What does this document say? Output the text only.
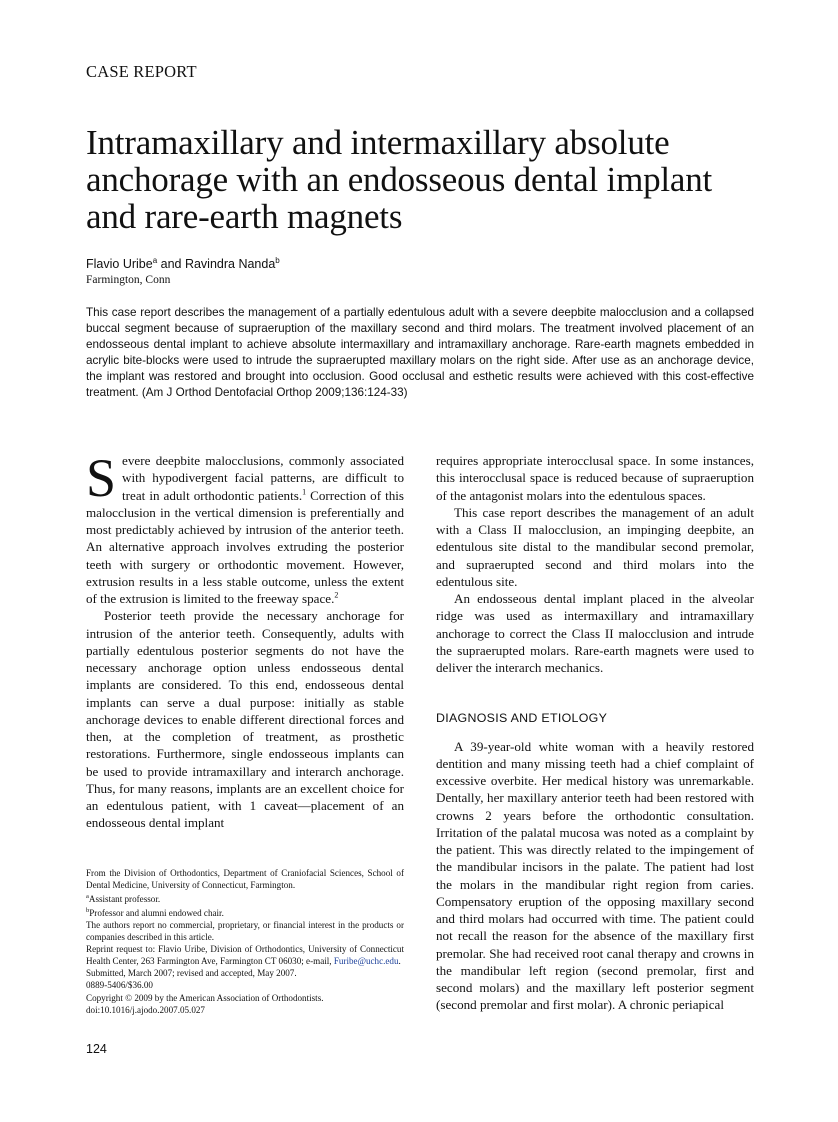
CASE REPORT
Intramaxillary and intermaxillary absolute anchorage with an endosseous dental implant and rare-earth magnets
Flavio Uribe$^a$ and Ravindra Nanda$^b$
Farmington, Conn

This case report describes the management of a partially edentulous adult with a severe deepbite malocclusion and a collapsed buccal segment because of supraeruption of the maxillary second and third molars. The treatment involved placement of an endosseous dental implant to achieve absolute intermaxillary and intramaxillary anchorage. Rare-earth magnets embedded in acrylic bite-blocks were used to intrude the supraerupted maxillary molars on the right side. After use as an anchorage device, the implant was restored and brought into occlusion. Good occlusal and esthetic results were achieved with this cost-effective treatment. (Am J Orthod Dentofacial Orthop 2009;136:124-33)

Severe deepbite malocclusions, commonly associated with hypodivergent facial patterns, are difficult to treat in adult orthodontic patients.$^1$ Correction of this malocclusion in the vertical dimension is preferentially and most predictably achieved by intrusion of the anterior teeth. An alternative approach involves extruding the posterior teeth with surgery or orthodontic movement. However, extrusion results in a less stable outcome, unless the extent of the extrusion is limited to the freeway space.$^2$

Posterior teeth provide the necessary anchorage for intrusion of the anterior teeth. Consequently, adults with partially edentulous posterior segments do not have the necessary anchorage option unless endosseous dental implants are considered. To this end, endosseous dental implants can serve a dual purpose: initially as stable anchorage devices to enable different directional forces and then, at the completion of treatment, as prosthetic restorations. Furthermore, single endosseous implants can be used to provide intramaxillary and interarch anchorage. Thus, for many reasons, implants are an excellent choice for an edentulous patient, with 1 caveat—placement of an endosseous dental implant

requires appropriate interocclusal space. In some instances, this interocclusal space is reduced because of supraeruption of the antagonist molars into the edentulous spaces.

This case report describes the management of an adult with a Class II malocclusion, an impinging deepbite, an edentulous site distal to the mandibular second premolar, and supraerupted second and third molars into the edentulous site.

An endosseous dental implant placed in the alveolar ridge was used as intermaxillary and intramaxillary anchorage to correct the Class II malocclusion and intrude the supraerupted molars. Rare-earth magnets were used to deliver the interarch mechanics.

DIAGNOSIS AND ETIOLOGY

A 39-year-old white woman with a heavily restored dentition and many missing teeth had a chief complaint of excessive overbite. Her medical history was unremarkable. Dentally, her maxillary anterior teeth had been restored with crowns 2 years before the orthodontic consultation. Irritation of the palatal mucosa was noted as a complaint by the patient. This was directly related to the impingement of the mandibular incisors in the palate. The patient had lost the molars in the mandibular right region from caries. Compensatory eruption of the opposing maxillary second and third molars had occurred with time. The patient could not recall the reason for the absence of the maxillary first premolar. She had received root canal therapy and crowns in the mandibular left region (second premolar, first and second molars) and the maxillary left posterior segment (second premolar and first molar). A chronic periapical

From the Division of Orthodontics, Department of Craniofacial Sciences, School of Dental Medicine, University of Connecticut, Farmington.
$^a$Assistant professor.
$^b$Professor and alumni endowed chair.
The authors report no commercial, proprietary, or financial interest in the products or companies described in this article.
Reprint request to: Flavio Uribe, Division of Orthodontics, University of Connecticut Health Center, 263 Farmington Ave, Farmington CT 06030; e-mail, Furibe@uchc.edu.
Submitted, March 2007; revised and accepted, May 2007.
0889-5406/$36.00
Copyright © 2009 by the American Association of Orthodontists.
doi:10.1016/j.ajodo.2007.05.027
124
